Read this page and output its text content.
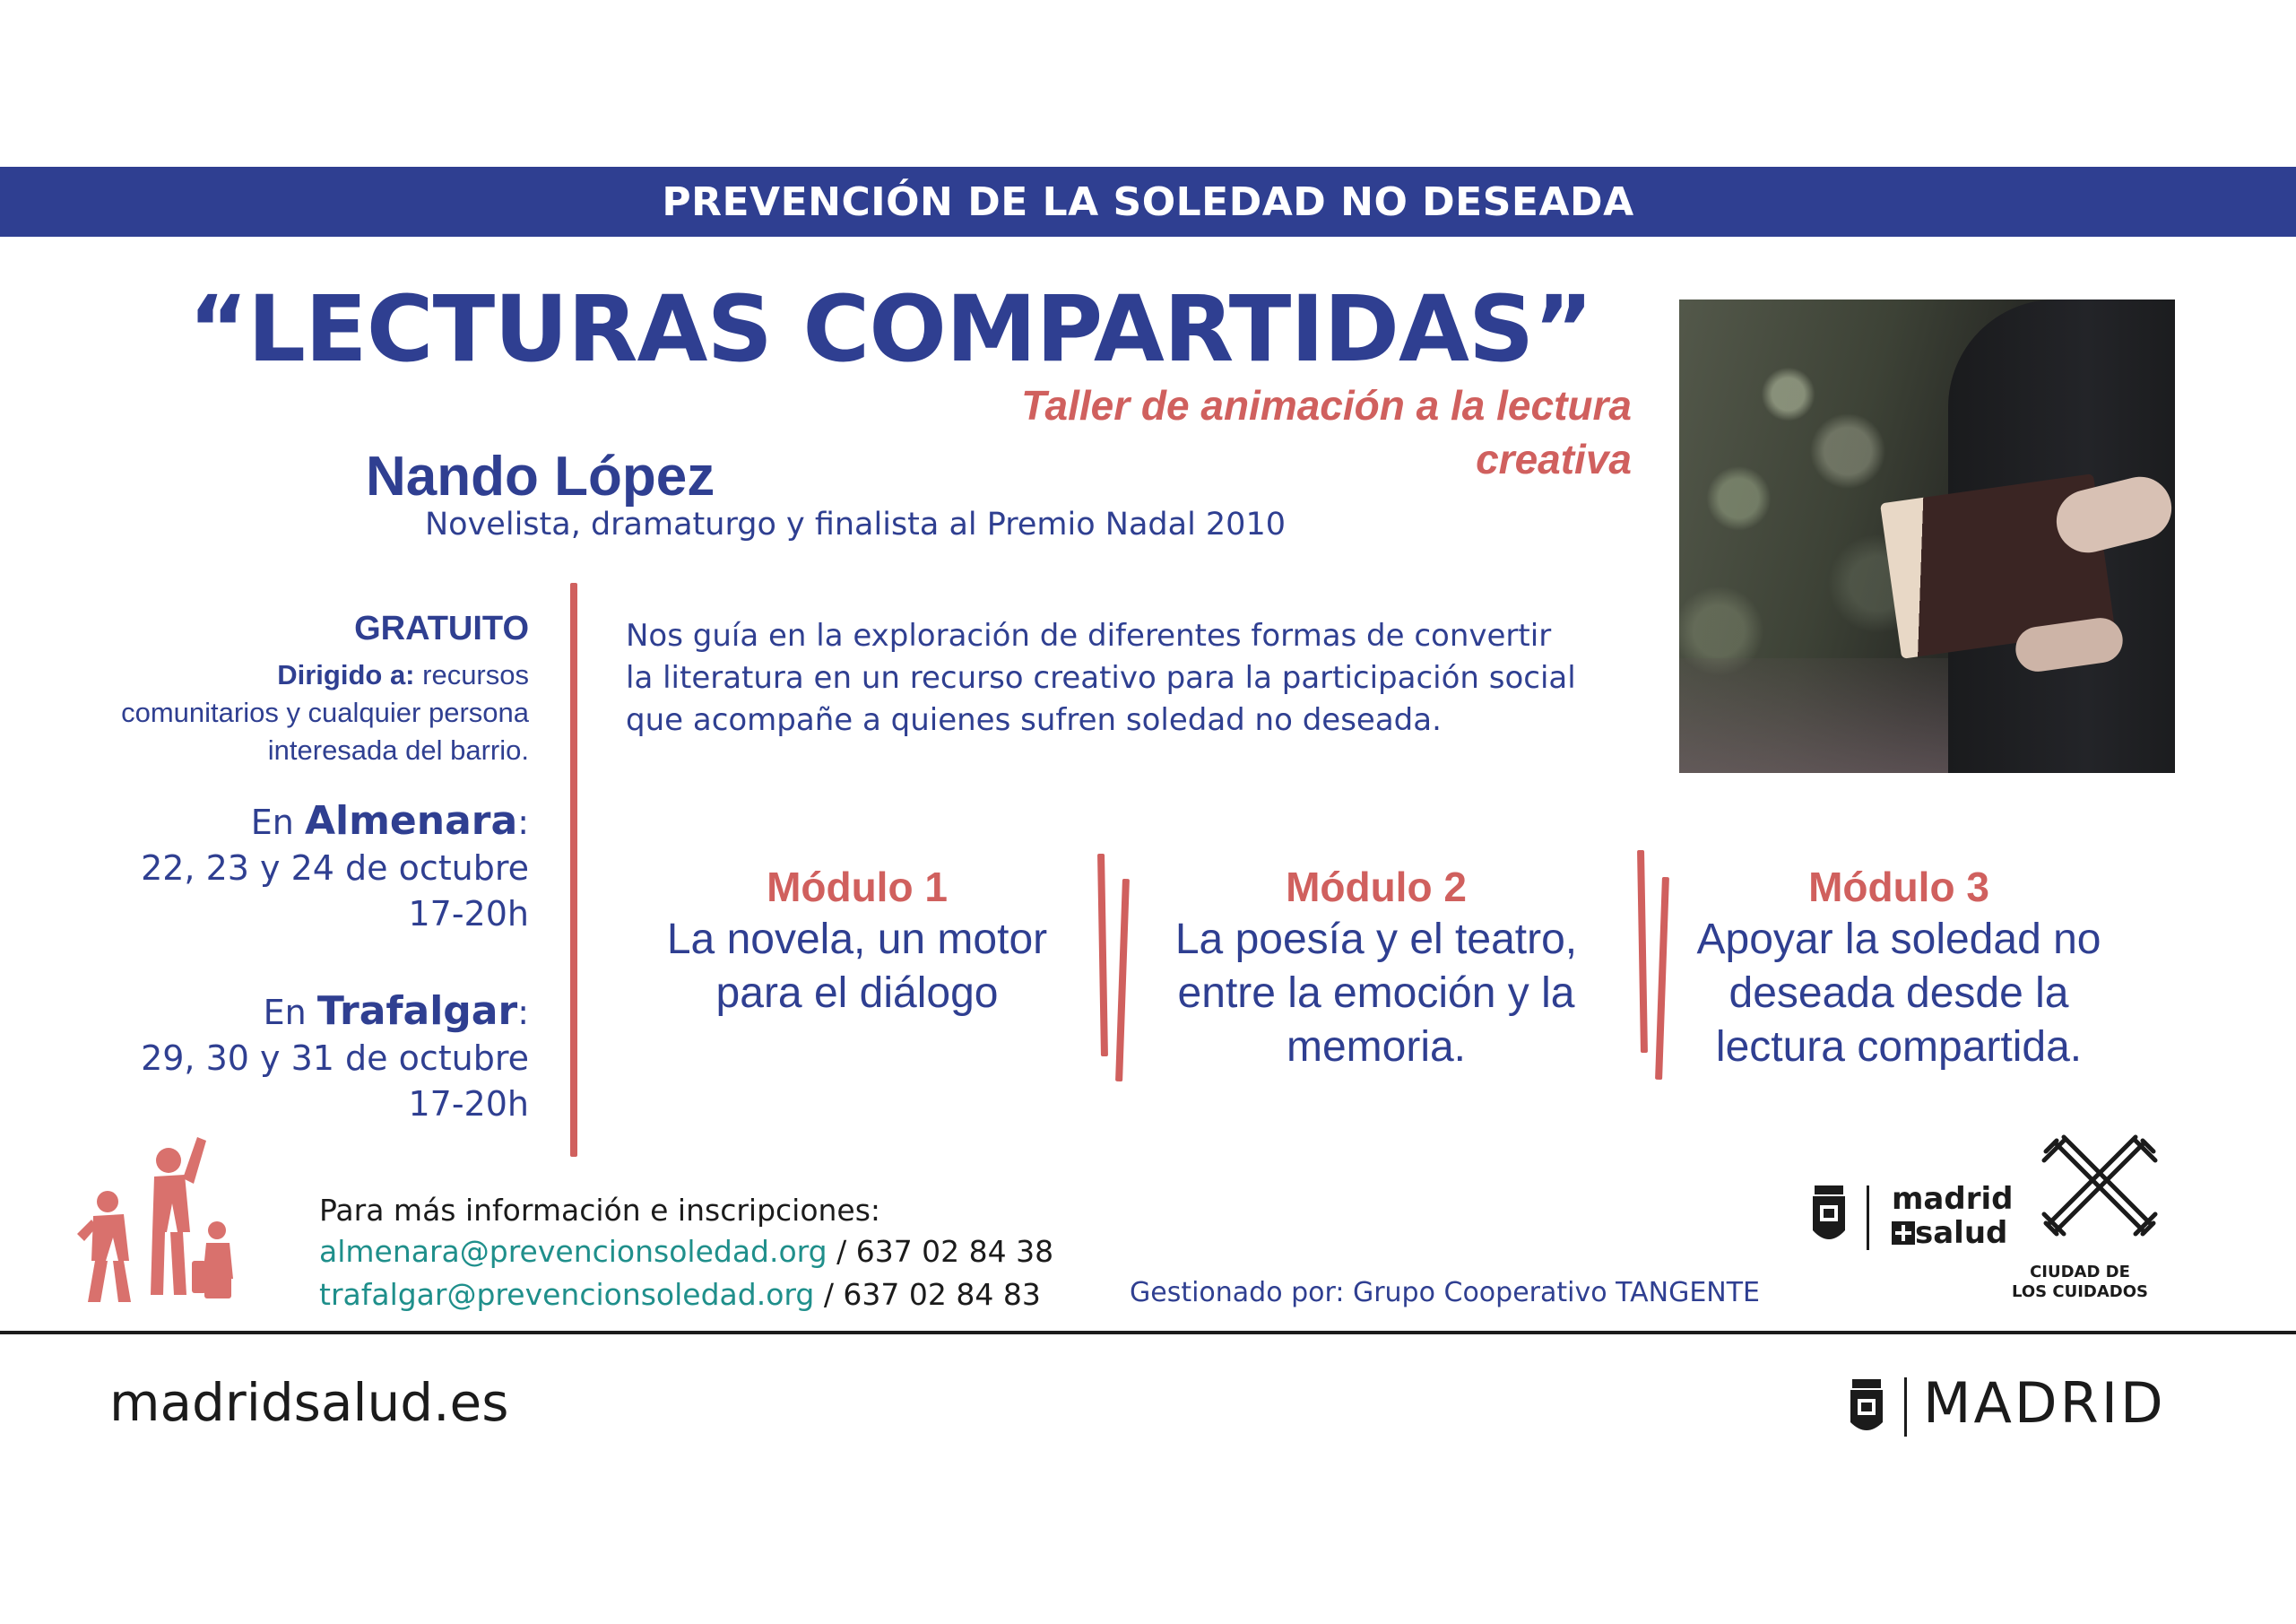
PREVENCIÓN DE LA SOLEDAD NO DESEADA
“LECTURAS COMPARTIDAS”
Taller de animación a la lectura
creativa
Nando López
Novelista, dramaturgo y finalista al Premio Nadal 2010
GRATUITO
Dirigido a: recursos
comunitarios y cualquier persona
interesada del barrio.
En Almenara:
22, 23 y 24 de octubre
17-20h
En Trafalgar:
29, 30 y 31 de octubre
17-20h
Nos guía en la exploración de diferentes formas de convertir
la literatura en un recurso creativo para la participación social
que acompañe a quienes sufren soledad no deseada.
Módulo 1
La novela, un motor
para el diálogo
Módulo 2
La poesía y el teatro,
entre la emoción y la
memoria.
Módulo 3
Apoyar la soledad no
deseada desde la
lectura compartida.
Para más información e inscripciones:
almenara@prevencionsoledad.org / 637 02 84 38
trafalgar@prevencionsoledad.org / 637 02 84 83	Gestionado por: Grupo Cooperativo TANGENTE
madrid
salud
CIUDAD DE
LOS CUIDADOS
madridsalud.es	MADRID
